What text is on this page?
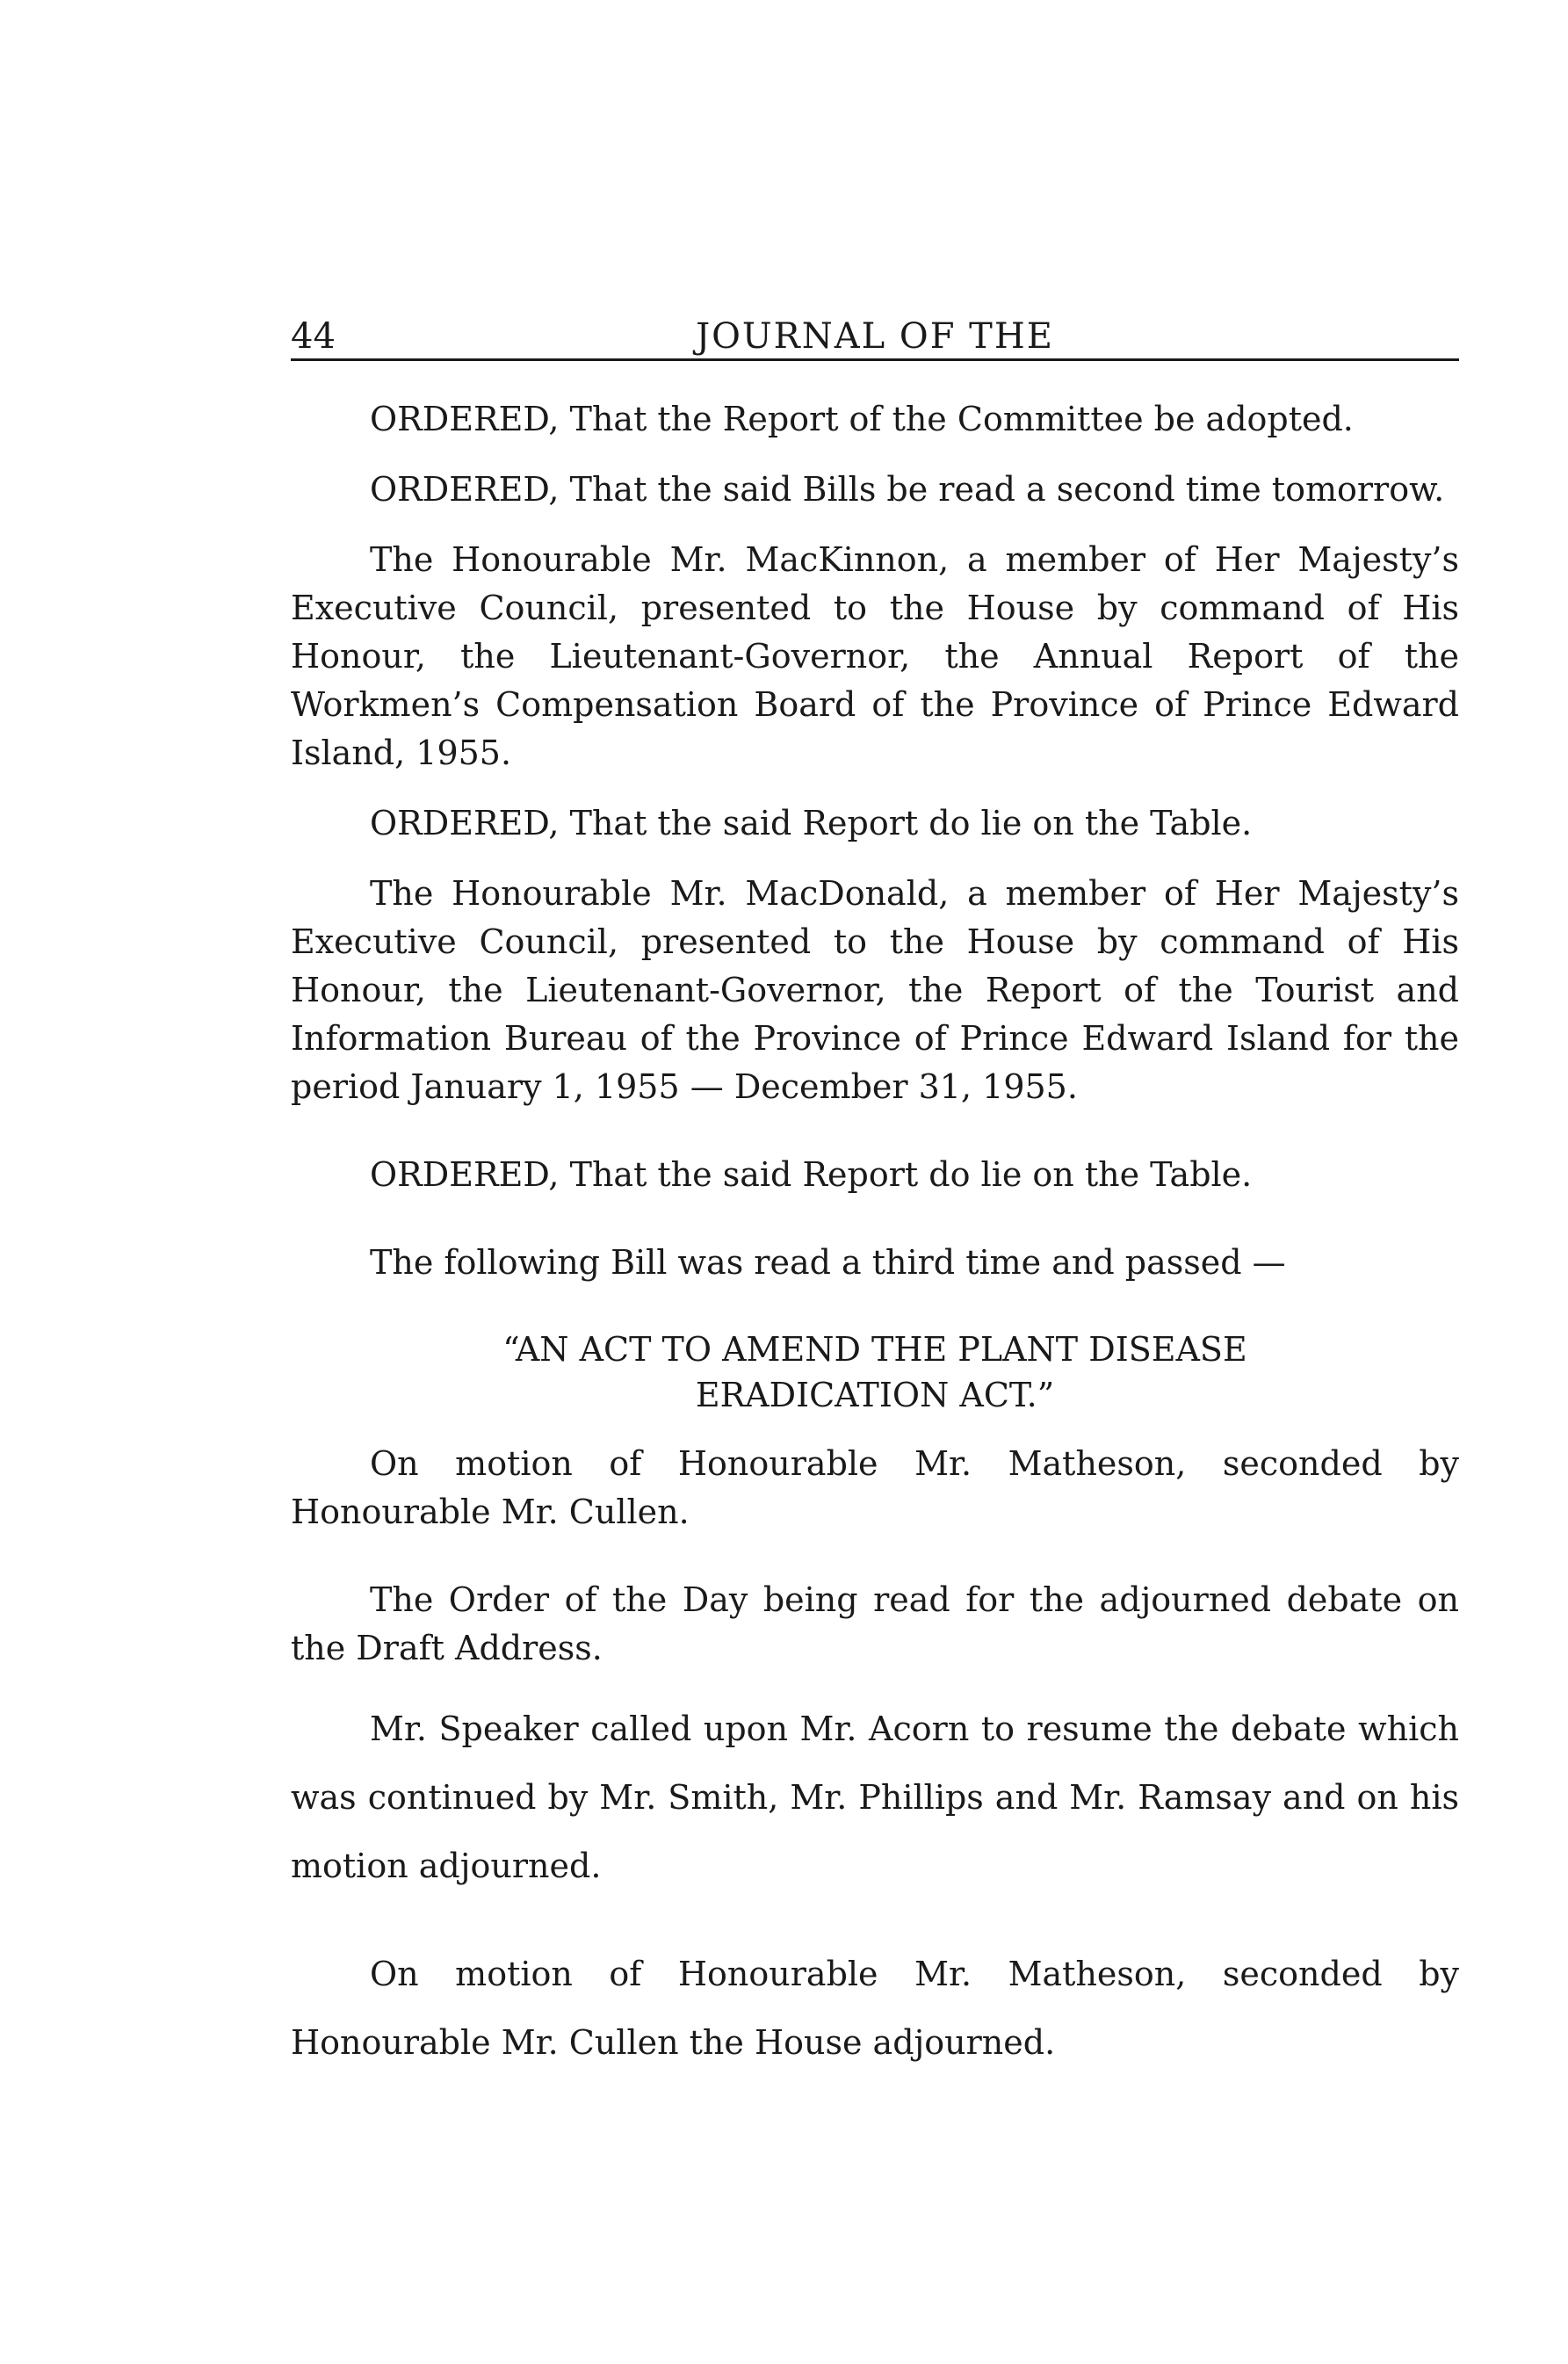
44	JOURNAL OF THE

ORDERED, That the Report of the Committee be adopted.

ORDERED, That the said Bills be read a second time tomorrow.

The Honourable Mr. MacKinnon, a member of Her Majesty’s Executive Council, presented to the House by command of His Honour, the Lieutenant-Governor, the Annual Report of the Workmen’s Compensation Board of the Province of Prince Edward Island, 1955.

ORDERED, That the said Report do lie on the Table.

The Honourable Mr. MacDonald, a member of Her Majesty’s Executive Council, presented to the House by command of His Honour, the Lieutenant-Governor, the Report of the Tourist and Information Bureau of the Province of Prince Edward Island for the period January 1, 1955 — December 31, 1955.

ORDERED, That the said Report do lie on the Table.

The following Bill was read a third time and passed —

“AN ACT TO AMEND THE PLANT DISEASE
ERADICATION ACT.”

On motion of Honourable Mr. Matheson, seconded by Honourable Mr. Cullen.

The Order of the Day being read for the adjourned debate on the Draft Address.

Mr. Speaker called upon Mr. Acorn to resume the debate which was continued by Mr. Smith, Mr. Phillips and Mr. Ramsay and on his motion adjourned.

On motion of Honourable Mr. Matheson, seconded by Honourable Mr. Cullen the House adjourned.
